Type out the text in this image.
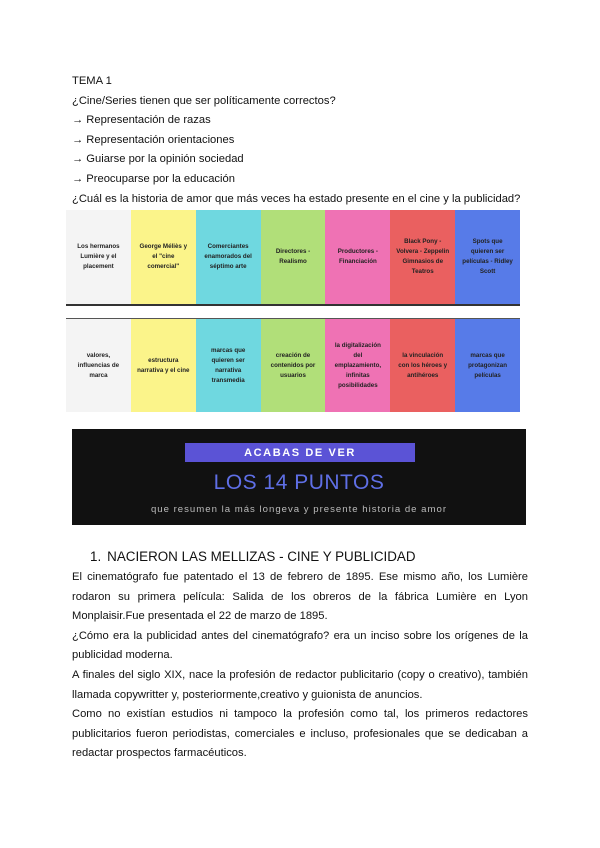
TEMA 1
¿Cine/Series tienen que ser políticamente correctos?
→ Representación de razas
→ Representación orientaciones
→ Guiarse por la opinión sociedad
→ Preocuparse por la educación
¿Cuál es la historia de amor que más veces ha estado presente en el cine y la publicidad?
Los hermanos Lumière y el placement
George Méliès y el "cine comercial"
Comerciantes enamorados del séptimo arte
Directores - Realismo
Productores - Financiación
Black Pony - Volvera - Zeppelin Gimnasios de Teatros
Spots que quieren ser películas - Ridley Scott
valores, influencias de marca
estructura narrativa y el cine
marcas que quieren ser narrativa transmedia
creación de contenidos por usuarios
la digitalización del emplazamiento, infinitas posibilidades
la vinculación con los héroes y antihéroes
marcas que protagonizan películas
ACABAS DE VER
LOS 14 PUNTOS
que resumen la más longeva y presente historia de amor
1. NACIERON LAS MELLIZAS - CINE Y PUBLICIDAD

El cinematógrafo fue patentado el 13 de febrero de 1895. Ese mismo año, los Lumière rodaron su primera película: Salida de los obreros de la fábrica Lumière en Lyon Monplaisir.Fue presentada el 22 de marzo de 1895.

¿Cómo era la publicidad antes del cinematógrafo? era un inciso sobre los orígenes de la publicidad moderna.

A finales del siglo XIX, nace la profesión de redactor publicitario (copy o creativo), también llamada copywritter y, posteriormente,creativo y guionista de anuncios.

Como no existían estudios ni tampoco la profesión como tal, los primeros redactores publicitarios fueron periodistas, comerciales e incluso, profesionales que se dedicaban a redactar prospectos farmacéuticos.
